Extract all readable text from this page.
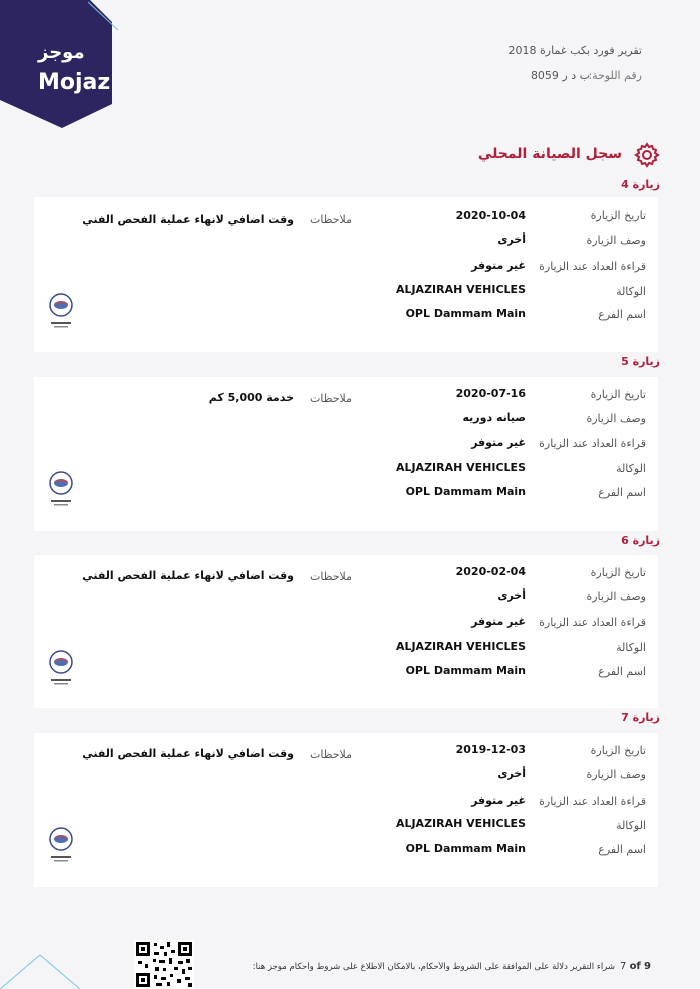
موجز
Mojaz
تقرير فورد بكب غمارة 2018
رقم اللوحة:
ب د ر 8059
سجل الصيانة المحلي
زيارة 4
تاريخ الزيارة
2020-10-04
ملاحظات
وقت اضافي لانهاء عملية الفحص الفني
وصف الزيارة
أخرى
قراءة العداد عند الزيارة
غير متوفر
الوكالة
ALJAZIRAH VEHICLES
اسم الفرع
OPL Dammam Main
زيارة 5
تاريخ الزيارة
2020-07-16
ملاحظات
خدمة 5,000 كم
وصف الزيارة
صيانه دوريه
قراءة العداد عند الزيارة
غير متوفر
الوكالة
ALJAZIRAH VEHICLES
اسم الفرع
OPL Dammam Main
زيارة 6
تاريخ الزيارة
2020-02-04
ملاحظات
وقت اضافي لانهاء عملية الفحص الفني
وصف الزيارة
أخرى
قراءة العداد عند الزيارة
غير متوفر
الوكالة
ALJAZIRAH VEHICLES
اسم الفرع
OPL Dammam Main
زيارة 7
تاريخ الزيارة
2019-12-03
ملاحظات
وقت اضافي لانهاء عملية الفحص الفني
وصف الزيارة
أخرى
قراءة العداد عند الزيارة
غير متوفر
الوكالة
ALJAZIRAH VEHICLES
اسم الفرع
OPL Dammam Main
شراء التقرير دلالة على الموافقة على الشروط والأحكام، بالامكان الاطلاع على شروط وأحكام موجز هنا: 7 of 9
